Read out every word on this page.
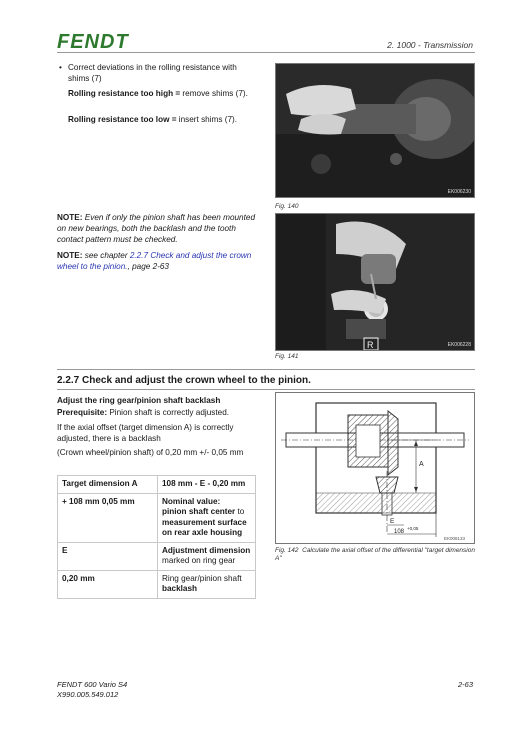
FENDT	2. 1000 - Transmission
• Correct deviations in the rolling resistance with shims (7)
Rolling resistance too high = remove shims (7).
Rolling resistance too low = insert shims (7).
NOTE: Even if only the pinion shaft has been mounted on new bearings, both the backlash and the tooth contact pattern must be checked.
NOTE: see chapter 2.2.7 Check and adjust the crown wheel to the pinion., page 2-63
EK006230
Fig. 140
R	EK006228
Fig. 141
2.2.7 Check and adjust the crown wheel to the pinion.
Adjust the ring gear/pinion shaft backlash
Prerequisite: Pinion shaft is correctly adjusted.
If the axial offset (target dimension A) is correctly adjusted, there is a backlash
(Crown wheel/pinion shaft) of 0,20 mm +/- 0,05 mm
Target dimension A	108 mm - E - 0,20 mm
+ 108 mm 0,05 mm	Nominal value:
pinion shaft center to measurement surface on rear axle housing
E	Adjustment dimension marked on ring gear
0,20 mm	Ring gear/pinion shaft backlash
A
E
108
+0,05
EK008133
Fig. 142 Calculate the axial offset of the differential "target dimension A"
FENDT 600 Vario S4
X990.005.549.012
2-63
